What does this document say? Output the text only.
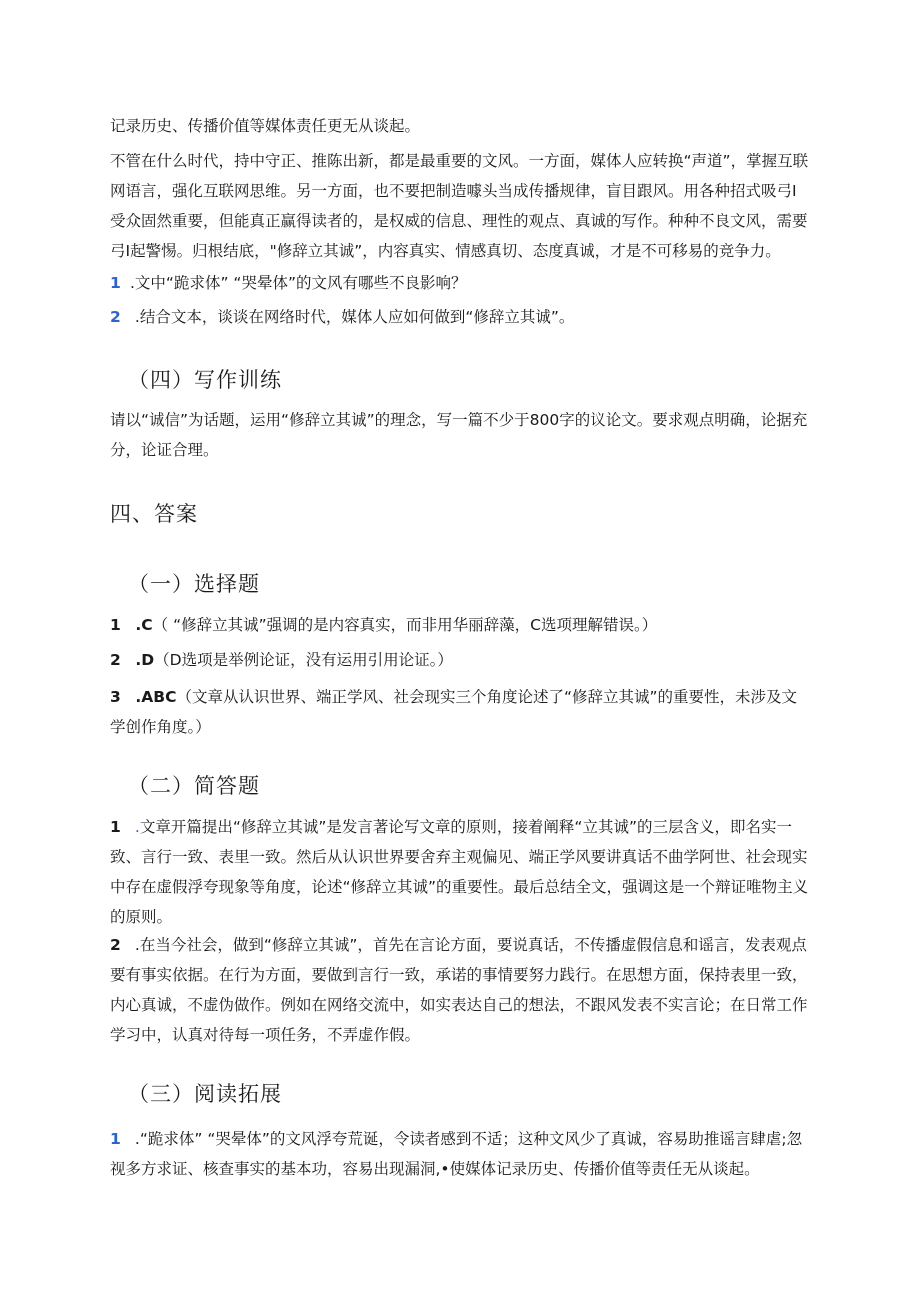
记录历史、传播价值等媒体责任更无从谈起。

不管在什么时代，持中守正、推陈出新，都是最重要的文风。一方面，媒体人应转换“声道”，掌握互联网语言，强化互联网思维。另一方面，也不要把制造噱头当成传播规律，盲目跟风。用各种招式吸弓I受众固然重要，但能真正赢得读者的，是权威的信息、理性的观点、真诚的写作。种种不良文风，需要弓I起警惕。归根结底，"修辞立其诚”，内容真实、情感真切、态度真诚，才是不可移易的竞争力。

1 .文中“跪求体” “哭晕体”的文风有哪些不良影响？

2 .结合文本，谈谈在网络时代，媒体人应如何做到“修辞立其诚”。

（四）写作训练

请以“诚信”为话题，运用“修辞立其诚”的理念，写一篇不少于800字的议论文。要求观点明确，论据充分，论证合理。

四、答案
（一）选择题

1 .C（ “修辞立其诚”强调的是内容真实，而非用华丽辞藻，C选项理解错误。）

2 .D（D选项是举例论证，没有运用引用论证。）

3 .ABC（文章从认识世界、端正学风、社会现实三个角度论述了“修辞立其诚”的重要性，未涉及文学创作角度。）

（二）简答题

1 .文章开篇提出“修辞立其诚”是发言著论写文章的原则，接着阐释“立其诚”的三层含义，即名实一致、言行一致、表里一致。然后从认识世界要舍弃主观偏见、端正学风要讲真话不曲学阿世、社会现实中存在虚假浮夸现象等角度，论述“修辞立其诚”的重要性。最后总结全文，强调这是一个辩证唯物主义的原则。

2 .在当今社会，做到“修辞立其诚”，首先在言论方面，要说真话，不传播虚假信息和谣言，发表观点要有事实依据。在行为方面，要做到言行一致，承诺的事情要努力践行。在思想方面，保持表里一致，内心真诚，不虚伪做作。例如在网络交流中，如实表达自己的想法，不跟风发表不实言论；在日常工作学习中，认真对待每一项任务，不弄虚作假。

（三）阅读拓展

1 .“跪求体” “哭晕体”的文风浮夸荒诞，令读者感到不适；这种文风少了真诚，容易助推谣言肆虐;忽视多方求证、核查事实的基本功，容易出现漏洞,•使媒体记录历史、传播价值等责任无从谈起。
